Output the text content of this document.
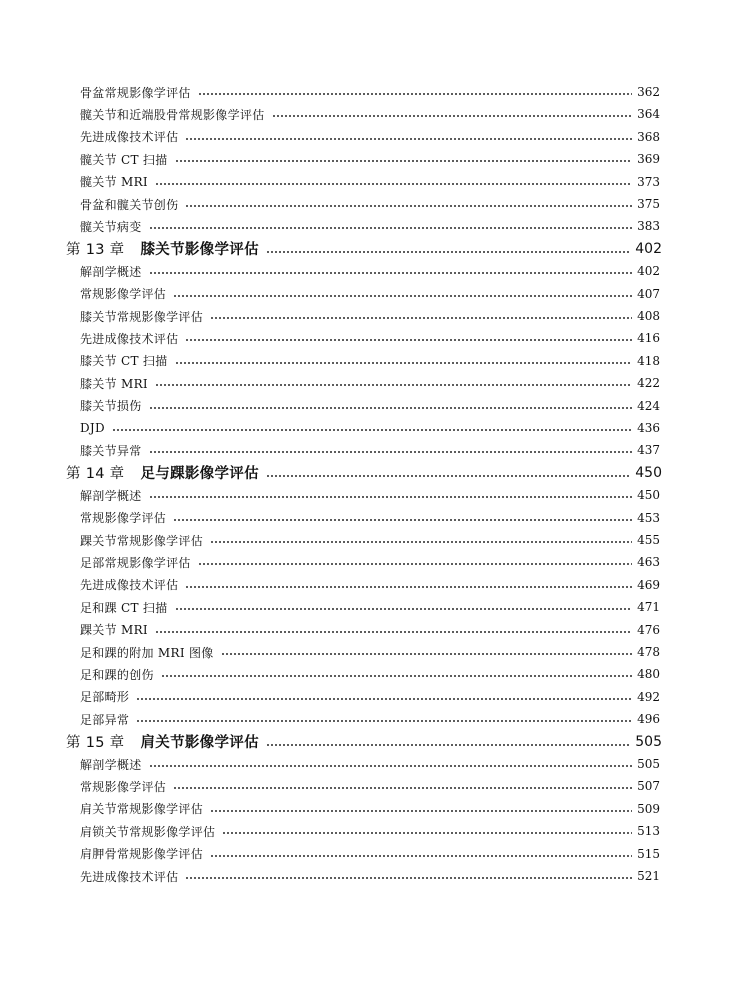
骨盆常规影像学评估	362
髋关节和近端股骨常规影像学评估	364
先进成像技术评估	368
髋关节 CT 扫描	369
髋关节 MRI	373
骨盆和髋关节创伤	375
髋关节病变	383
第 13 章 膝关节影像学评估	402
解剖学概述	402
常规影像学评估	407
膝关节常规影像学评估	408
先进成像技术评估	416
膝关节 CT 扫描	418
膝关节 MRI	422
膝关节损伤	424
DJD	436
膝关节异常	437
第 14 章 足与踝影像学评估	450
解剖学概述	450
常规影像学评估	453
踝关节常规影像学评估	455
足部常规影像学评估	463
先进成像技术评估	469
足和踝 CT 扫描	471
踝关节 MRI	476
足和踝的附加 MRI 图像	478
足和踝的创伤	480
足部畸形	492
足部异常	496
第 15 章 肩关节影像学评估	505
解剖学概述	505
常规影像学评估	507
肩关节常规影像学评估	509
肩锁关节常规影像学评估	513
肩胛骨常规影像学评估	515
先进成像技术评估	521
